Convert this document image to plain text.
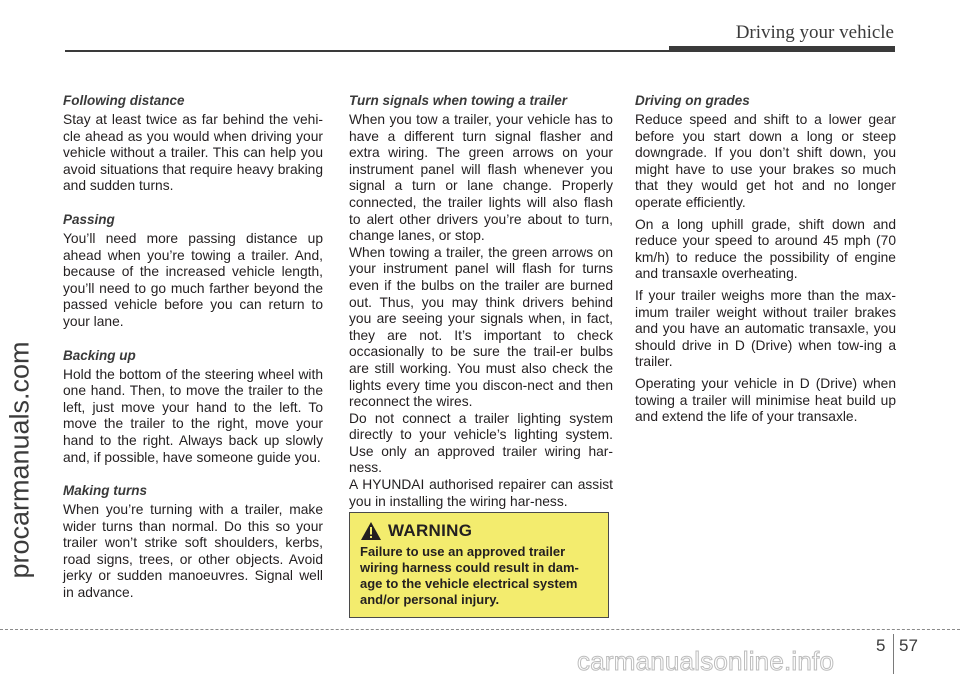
Driving your vehicle
procarmanuals.com
Following distance

Stay at least twice as far behind the vehi-cle ahead as you would when driving your vehicle without a trailer. This can help you avoid situations that require heavy braking and sudden turns.

Passing

You’ll need more passing distance up ahead when you’re towing a trailer. And, because of the increased vehicle length, you’ll need to go much farther beyond the passed vehicle before you can return to your lane.

Backing up

Hold the bottom of the steering wheel with one hand. Then, to move the trailer to the left, just move your hand to the left. To move the trailer to the right, move your hand to the right. Always back up slowly and, if possible, have someone guide you.

Making turns

When you’re turning with a trailer, make wider turns than normal. Do this so your trailer won’t strike soft shoulders, kerbs, road signs, trees, or other objects. Avoid jerky or sudden manoeuvres. Signal well in advance.

Turn signals when towing a trailer

When you tow a trailer, your vehicle has to have a different turn signal flasher and extra wiring. The green arrows on your instrument panel will flash whenever you signal a turn or lane change. Properly connected, the trailer lights will also flash to alert other drivers you’re about to turn, change lanes, or stop.

When towing a trailer, the green arrows on your instrument panel will flash for turns even if the bulbs on the trailer are burned out. Thus, you may think drivers behind you are seeing your signals when, in fact, they are not. It’s important to check occasionally to be sure the trail-er bulbs are still working. You must also check the lights every time you discon-nect and then reconnect the wires.

Do not connect a trailer lighting system directly to your vehicle’s lighting system. Use only an approved trailer wiring har-ness.

A HYUNDAI authorised repairer can assist you in installing the wiring har-ness.

WARNING
Failure to use an approved trailer wiring harness could result in dam-age to the vehicle electrical system and/or personal injury.
Driving on grades

Reduce speed and shift to a lower gear before you start down a long or steep downgrade. If you don’t shift down, you might have to use your brakes so much that they would get hot and no longer operate efficiently.

On a long uphill grade, shift down and reduce your speed to around 45 mph (70 km/h) to reduce the possibility of engine and transaxle overheating.

If your trailer weighs more than the max-imum trailer weight without trailer brakes and you have an automatic transaxle, you should drive in D (Drive) when tow-ing a trailer.

Operating your vehicle in D (Drive) when towing a trailer will minimise heat build up and extend the life of your transaxle.

5 57
carmanualsonline.info
